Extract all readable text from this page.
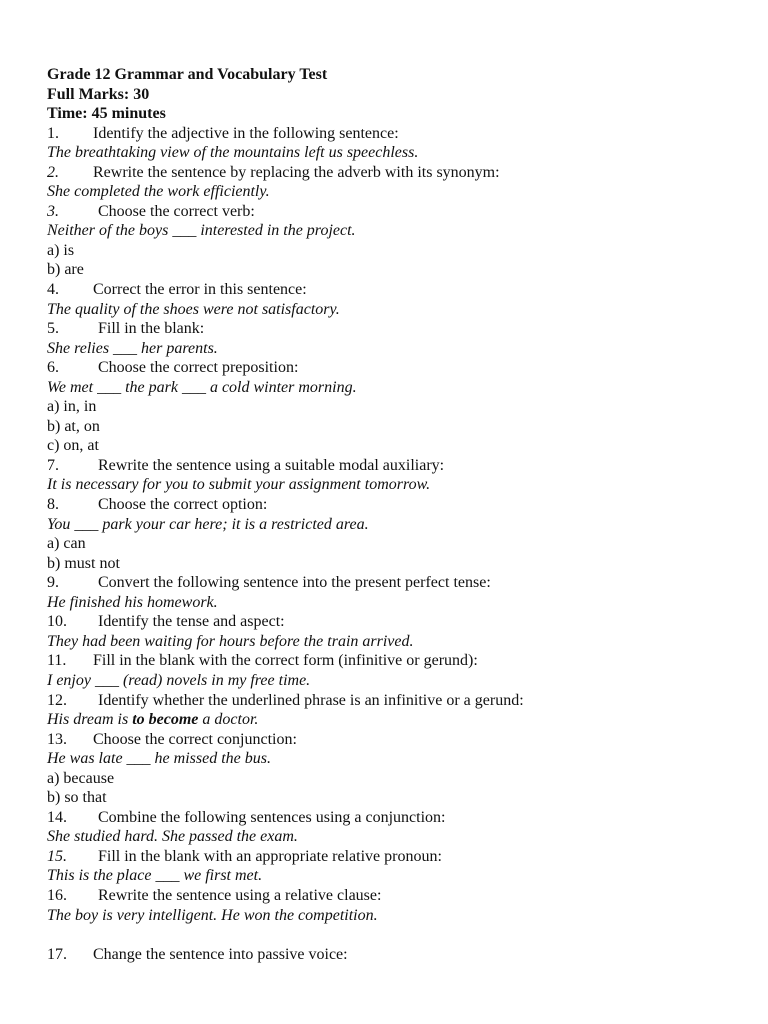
Grade 12 Grammar and Vocabulary Test
Full Marks: 30
Time: 45 minutes
1. Identify the adjective in the following sentence:
The breathtaking view of the mountains left us speechless.
2. Rewrite the sentence by replacing the adverb with its synonym:
She completed the work efficiently.
3. Choose the correct verb:
Neither of the boys ___ interested in the project.
a) is
b) are
4. Correct the error in this sentence:
The quality of the shoes were not satisfactory.
5. Fill in the blank:
She relies ___ her parents.
6. Choose the correct preposition:
We met ___ the park ___ a cold winter morning.
a) in, in
b) at, on
c) on, at
7. Rewrite the sentence using a suitable modal auxiliary:
It is necessary for you to submit your assignment tomorrow.
8. Choose the correct option:
You ___ park your car here; it is a restricted area.
a) can
b) must not
9. Convert the following sentence into the present perfect tense:
He finished his homework.
10. Identify the tense and aspect:
They had been waiting for hours before the train arrived.
11. Fill in the blank with the correct form (infinitive or gerund):
I enjoy ___ (read) novels in my free time.
12. Identify whether the underlined phrase is an infinitive or a gerund:
His dream is to become a doctor.
13. Choose the correct conjunction:
He was late ___ he missed the bus.
a) because
b) so that
14. Combine the following sentences using a conjunction:
She studied hard. She passed the exam.
15. Fill in the blank with an appropriate relative pronoun:
This is the place ___ we first met.
16. Rewrite the sentence using a relative clause:
The boy is very intelligent. He won the competition.
17. Change the sentence into passive voice:
